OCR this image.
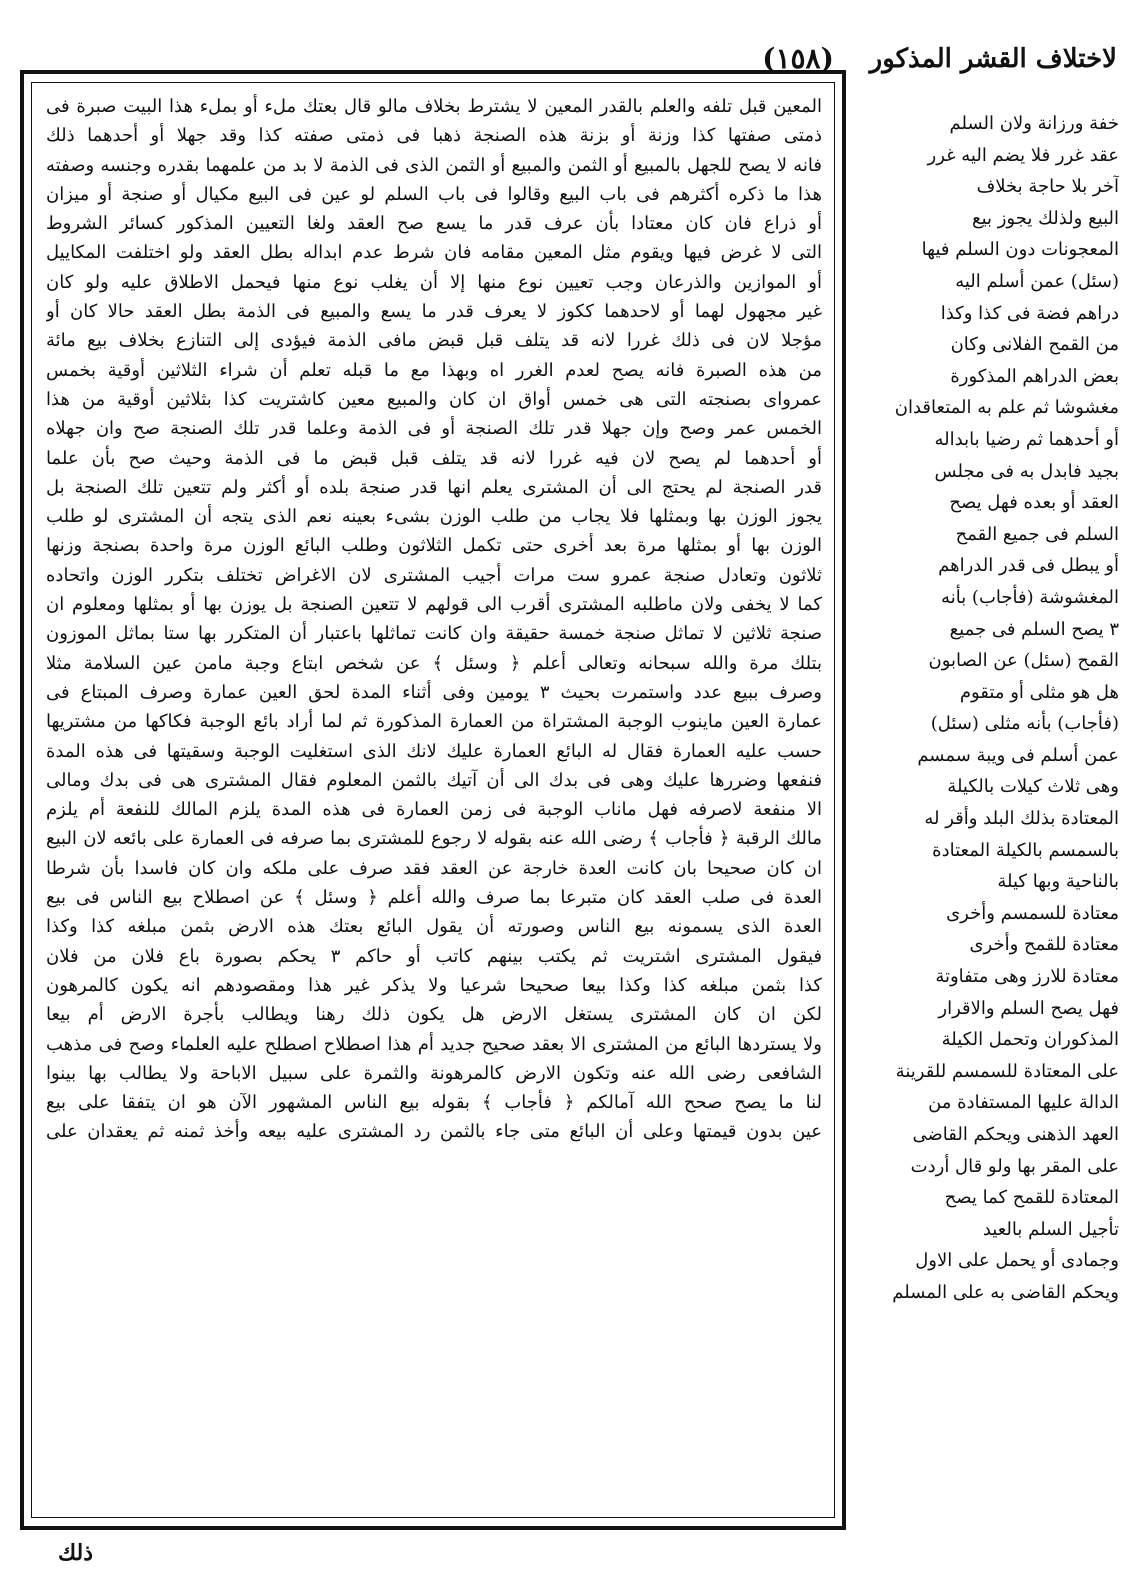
لاختلاف القشر المذكور
(١٥٨)
المعين قبل تلفه والعلم بالقدر المعين لا يشترط بخلاف مالو قال بعتك ملء أو بملء هذا البيت صبرة فى
ذمتى صفتها كذا وزنة أو بزنة هذه الصنجة ذهبا فى ذمتى صفته كذا وقد جهلا أو أحدهما ذلك
فانه لا يصح للجهل بالمبيع أو الثمن والمبيع أو الثمن الذى فى الذمة لا بد من علمهما بقدره وجنسه وصفته
هذا ما ذكره أكثرهم فى باب البيع وقالوا فى باب السلم لو عين فى البيع مكيال أو صنجة أو ميزان
أو ذراع فان كان معتادا بأن عرف قدر ما يسع صح العقد ولغا التعيين المذكور كسائر الشروط
التى لا غرض فيها ويقوم مثل المعين مقامه فان شرط عدم ابداله بطل العقد ولو اختلفت المكاييل
أو الموازين والذرعان وجب تعيين نوع منها إلا أن يغلب نوع منها فيحمل الاطلاق عليه ولو كان
غير مجهول لهما أو لاحدهما ككوز لا يعرف قدر ما يسع والمبيع فى الذمة بطل العقد حالا كان أو
مؤجلا لان فى ذلك غررا لانه قد يتلف قبل قبض مافى الذمة فيؤدى إلى التنازع بخلاف بيع مائة
من هذه الصبرة فانه يصح لعدم الغرر اه وبهذا مع ما قبله تعلم أن شراء الثلاثين أوقية بخمس
عمرواى بصنجته التى هى خمس أواق ان كان والمبيع معين كاشتريت كذا بثلاثين أوقية من هذا
الخمس عمر وصح وإن جهلا قدر تلك الصنجة أو فى الذمة وعلما قدر تلك الصنجة صح وان جهلاه
أو أحدهما لم يصح لان فيه غررا لانه قد يتلف قبل قبض ما فى الذمة وحيث صح بأن علما
قدر الصنجة لم يحتج الى أن المشترى يعلم انها قدر صنجة بلده أو أكثر ولم تتعين تلك الصنجة بل
يجوز الوزن بها وبمثلها فلا يجاب من طلب الوزن بشىء بعينه نعم الذى يتجه أن المشترى لو طلب
الوزن بها أو بمثلها مرة بعد أخرى حتى تكمل الثلاثون وطلب البائع الوزن مرة واحدة بصنجة وزنها
ثلاثون وتعادل صنجة عمرو ست مرات أجيب المشترى لان الاغراض تختلف بتكرر الوزن واتحاده
كما لا يخفى ولان ماطلبه المشترى أقرب الى قولهم لا تتعين الصنجة بل يوزن بها أو بمثلها ومعلوم ان
صنجة ثلاثين لا تماثل صنجة خمسة حقيقة وان كانت تماثلها باعتبار أن المتكرر بها ستا بماثل الموزون
بتلك مرة والله سبحانه وتعالى أعلم ﴿ وسئل ﴾ عن شخص ابتاع وجبة مامن عين السلامة مثلا
وصرف ببيع عدد واستمرت بحيث ٣ يومين وفى أثناء المدة لحق العين عمارة وصرف المبتاع فى
عمارة العين ماينوب الوجبة المشتراة من العمارة المذكورة ثم لما أراد بائع الوجبة فكاكها من مشتريها
حسب عليه العمارة فقال له البائع العمارة عليك لانك الذى استغليت الوجبة وسقيتها فى هذه المدة
فنفعها وضررها عليك وهى فى بدك الى أن آتيك بالثمن المعلوم فقال المشترى هى فى بدك ومالى
الا منفعة لاصرفه فهل ماناب الوجبة فى زمن العمارة فى هذه المدة يلزم المالك للنفعة أم يلزم
مالك الرقبة ﴿ فأجاب ﴾ رضى الله عنه بقوله لا رجوع للمشترى بما صرفه فى العمارة على بائعه لان البيع
ان كان صحيحا بان كانت العدة خارجة عن العقد فقد صرف على ملكه وان كان فاسدا بأن شرطا
العدة فى صلب العقد كان متبرعا بما صرف والله أعلم ﴿ وسئل ﴾ عن اصطلاح بيع الناس فى بيع
العدة الذى يسمونه بيع الناس وصورته أن يقول البائع بعتك هذه الارض بثمن مبلغه كذا وكذا
فيقول المشترى اشتريت ثم يكتب بينهم كاتب أو حاكم ٣ يحكم بصورة باع فلان من فلان
كذا بثمن مبلغه كذا وكذا بيعا صحيحا شرعيا ولا يذكر غير هذا ومقصودهم انه يكون كالمرهون
لكن ان كان المشترى يستغل الارض هل يكون ذلك رهنا ويطالب بأجرة الارض أم بيعا
ولا يستردها البائع من المشترى الا بعقد صحيح جديد أم هذا اصطلاح اصطلح عليه العلماء وصح فى مذهب
الشافعى رضى الله عنه وتكون الارض كالمرهونة والثمرة على سبيل الاباحة ولا يطالب بها بينوا
لنا ما يصح صحح الله آمالكم ﴿ فأجاب ﴾ بقوله بيع الناس المشهور الآن هو ان يتفقا على بيع
عين بدون قيمتها وعلى أن البائع متى جاء بالثمن رد المشترى عليه بيعه وأخذ ثمنه ثم يعقدان على
خفة ورزانة ولان السلم
عقد غرر فلا يضم اليه غرر
آخر بلا حاجة بخلاف
البيع ولذلك يجوز بيع
المعجونات دون السلم فيها
(سئل) عمن أسلم اليه
دراهم فضة فى كذا وكذا
من القمح الفلانى وكان
بعض الدراهم المذكورة
مغشوشا ثم علم به المتعاقدان
أو أحدهما ثم رضيا بابداله
بجيد فابدل به فى مجلس
العقد أو بعده فهل يصح
السلم فى جميع القمح
أو يبطل فى قدر الدراهم
المغشوشة (فأجاب) بأنه
٣ يصح السلم فى جميع
القمح (سئل) عن الصابون
هل هو مثلى أو متقوم
(فأجاب) بأنه مثلى (سئل)
عمن أسلم فى ويبة سمسم
وهى ثلاث كيلات بالكيلة
المعتادة بذلك البلد وأقر له
بالسمسم بالكيلة المعتادة
بالناحية وبها كيلة
معتادة للسمسم وأخرى
معتادة للقمح وأخرى
معتادة للارز وهى متفاوتة
فهل يصح السلم والاقرار
المذكوران وتحمل الكيلة
على المعتادة للسمسم للقرينة
الدالة عليها المستفادة من
العهد الذهنى ويحكم القاضى
على المقر بها ولو قال أردت
المعتادة للقمح كما يصح
تأجيل السلم بالعيد
وجمادى أو يحمل على الاول
ويحكم القاضى به على المسلم
ذلك
